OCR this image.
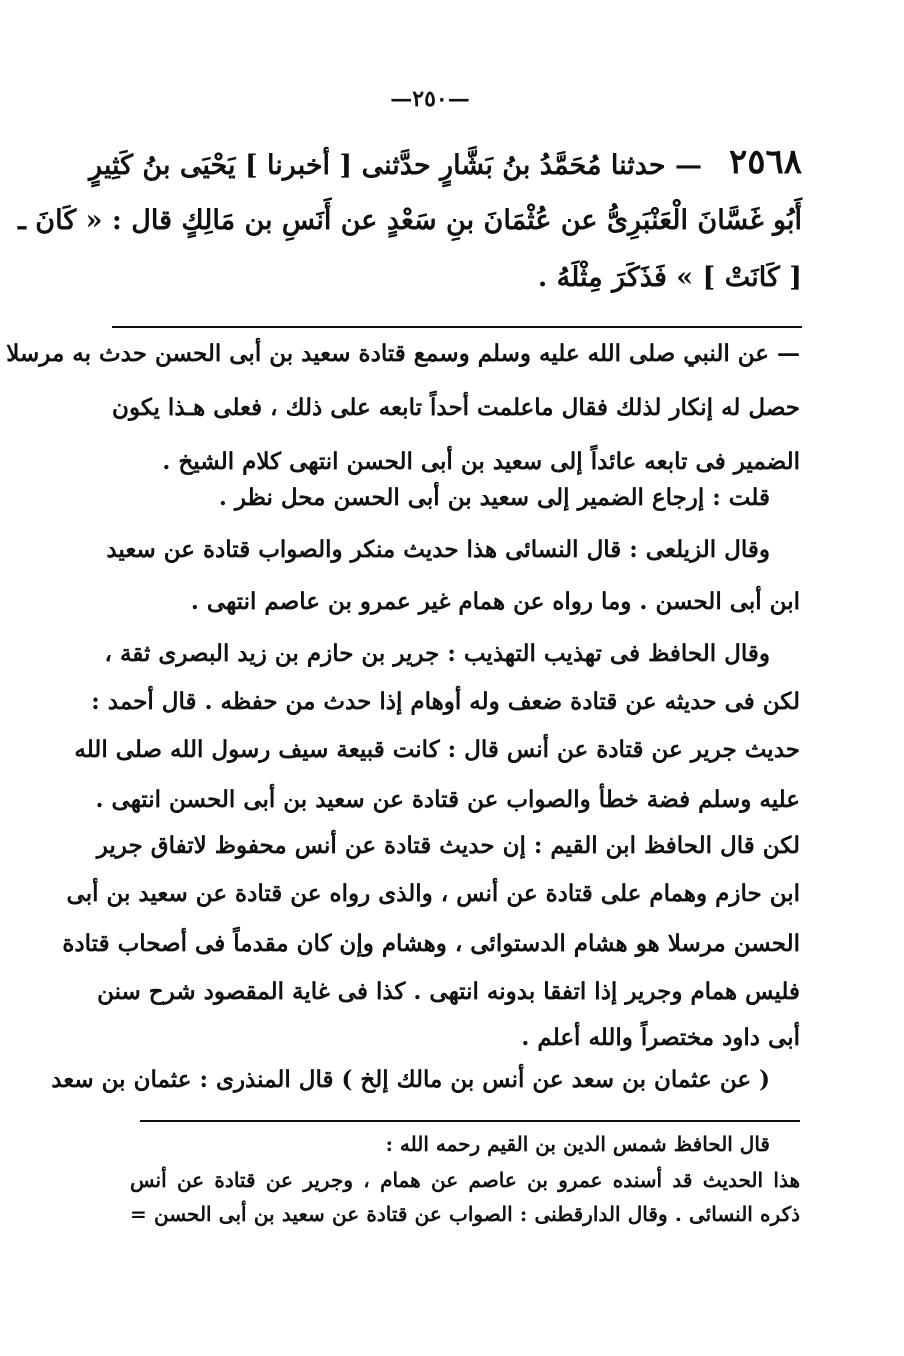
—٢٥٠—
٢٥٦٨
— حدثنا مُحَمَّدُ بنُ بَشَّارٍ حدَّثنى [ أخبرنا ] يَحْيَى بنُ كَثِيرٍ
أَبُو غَسَّانَ الْعَنْبَرِىُّ عن عُثْمَانَ بنِ سَعْدٍ عن أَنَسِ بن مَالِكٍ قال : « كَانَ ـ
[ كَانَتْ ] » فَذَكَرَ مِثْلَهُ .
— عن النبي صلى الله عليه وسلم وسمع قتادة سعيد بن أبى الحسن حدث به مرسلا
حصل له إنكار لذلك فقال ماعلمت أحداً تابعه على ذلك ، فعلى هـذا يكون
الضمير فى تابعه عائداً إلى سعيد بن أبى الحسن انتهى كلام الشيخ .
قلت : إرجاع الضمير إلى سعيد بن أبى الحسن محل نظر .
وقال الزيلعى : قال النسائى هذا حديث منكر والصواب قتادة عن سعيد
ابن أبى الحسن . وما رواه عن همام غير عمرو بن عاصم انتهى .
وقال الحافظ فى تهذيب التهذيب : جرير بن حازم بن زيد البصرى ثقة ،
لكن فى حديثه عن قتادة ضعف وله أوهام إذا حدث من حفظه . قال أحمد :
حديث جرير عن قتادة عن أنس قال : كانت قبيعة سيف رسول الله صلى الله
عليه وسلم فضة خطأ والصواب عن قتادة عن سعيد بن أبى الحسن انتهى .
لكن قال الحافظ ابن القيم : إن حديث قتادة عن أنس محفوظ لاتفاق جرير
ابن حازم وهمام على قتادة عن أنس ، والذى رواه عن قتادة عن سعيد بن أبى
الحسن مرسلا هو هشام الدستوائى ، وهشام وإن كان مقدماً فى أصحاب قتادة
فليس همام وجرير إذا اتفقا بدونه انتهى . كذا فى غاية المقصود شرح سنن
أبى داود مختصراً والله أعلم .
( عن عثمان بن سعد عن أنس بن مالك إلخ ) قال المنذرى : عثمان بن سعد
قال الحافظ شمس الدين بن القيم رحمه الله :
هذا الحديث قد أسنده عمرو بن عاصم عن همام ، وجرير عن قتادة عن أنس
ذكره النسائى . وقال الدارقطنى : الصواب عن قتادة عن سعيد بن أبى الحسن =
